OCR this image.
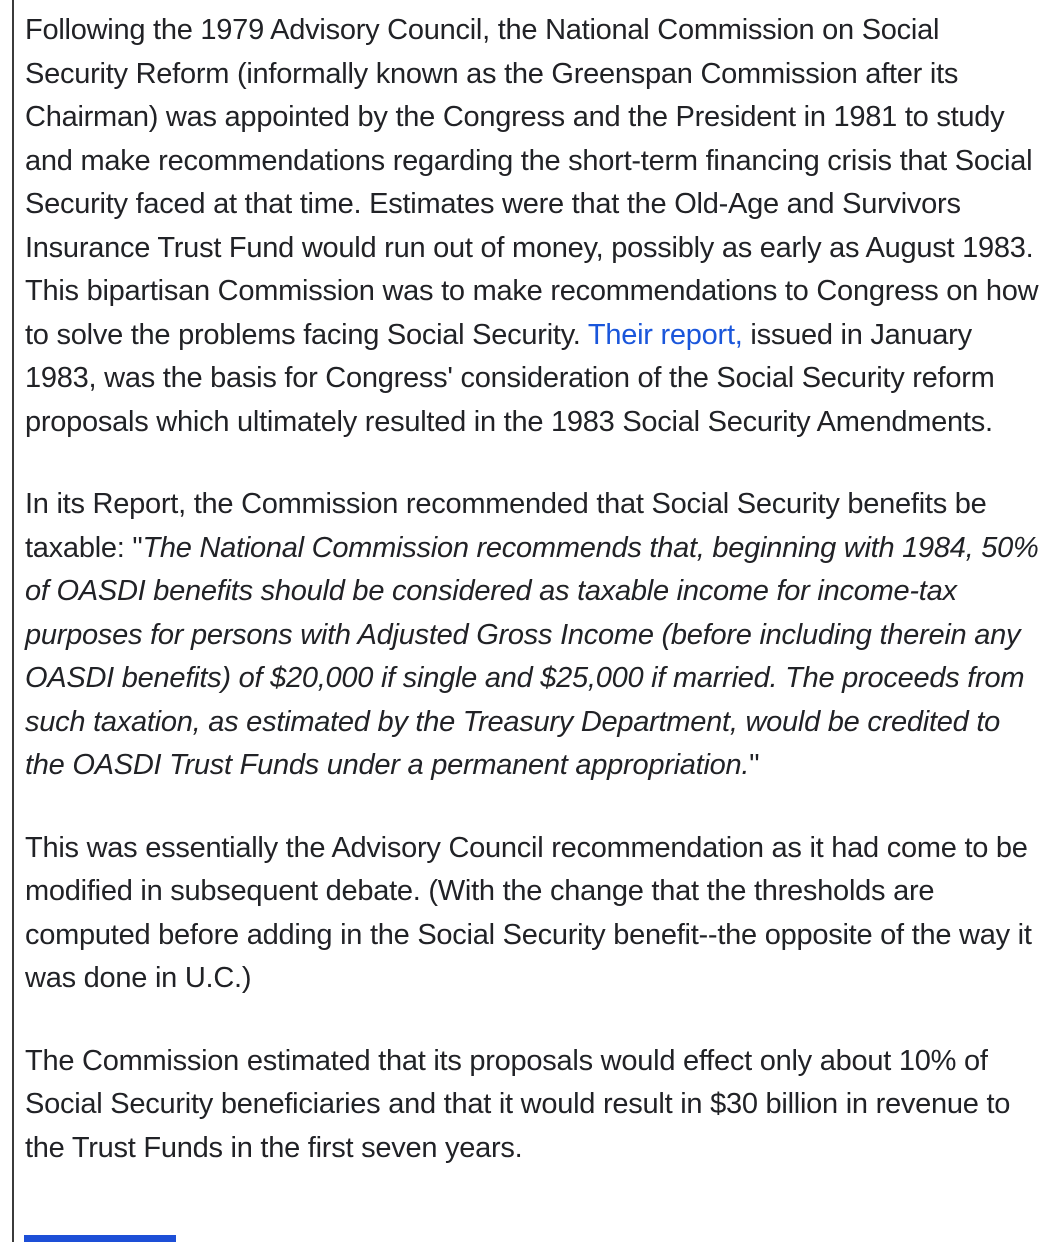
Following the 1979 Advisory Council, the National Commission on Social Security Reform (informally known as the Greenspan Commission after its Chairman) was appointed by the Congress and the President in 1981 to study and make recommendations regarding the short-term financing crisis that Social Security faced at that time. Estimates were that the Old-Age and Survivors Insurance Trust Fund would run out of money, possibly as early as August 1983. This bipartisan Commission was to make recommendations to Congress on how to solve the problems facing Social Security. Their report, issued in January 1983, was the basis for Congress' consideration of the Social Security reform proposals which ultimately resulted in the 1983 Social Security Amendments.

In its Report, the Commission recommended that Social Security benefits be taxable: "The National Commission recommends that, beginning with 1984, 50% of OASDI benefits should be considered as taxable income for income-tax purposes for persons with Adjusted Gross Income (before including therein any OASDI benefits) of $20,000 if single and $25,000 if married. The proceeds from such taxation, as estimated by the Treasury Department, would be credited to the OASDI Trust Funds under a permanent appropriation."

This was essentially the Advisory Council recommendation as it had come to be modified in subsequent debate. (With the change that the thresholds are computed before adding in the Social Security benefit--the opposite of the way it was done in U.C.)

The Commission estimated that its proposals would effect only about 10% of Social Security beneficiaries and that it would result in $30 billion in revenue to the Trust Funds in the first seven years.
